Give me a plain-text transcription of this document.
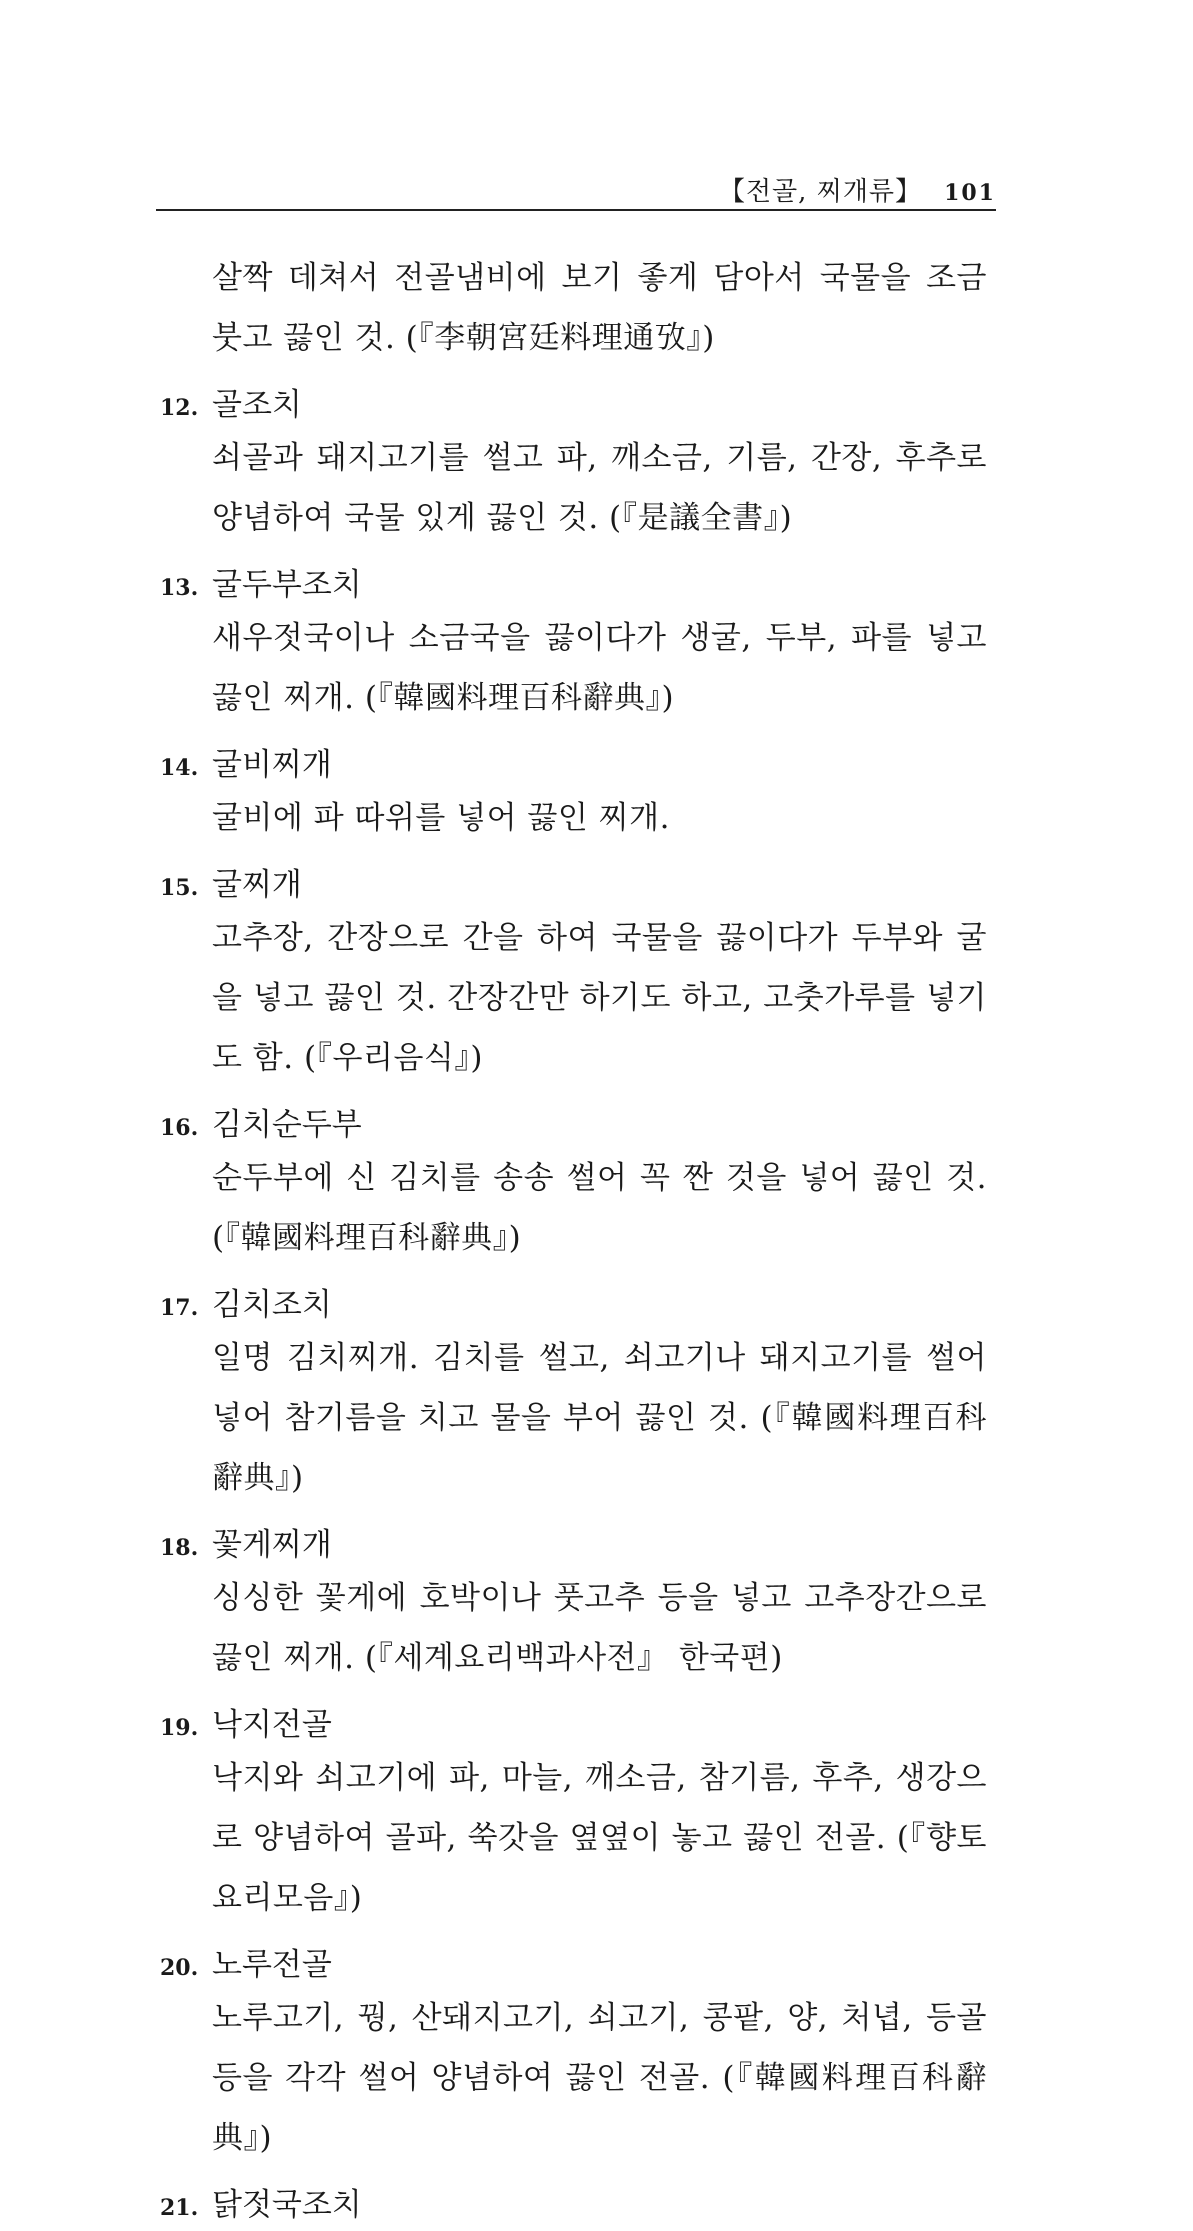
【전골, 찌개류】 101
살짝 데쳐서 전골냄비에 보기 좋게 담아서 국물을 조금 붓고 끓인 것. (『李朝宮廷料理通攷』)
12. 골조치
쇠골과 돼지고기를 썰고 파, 깨소금, 기름, 간장, 후추로 양념하여 국물 있게 끓인 것. (『是議全書』)
13. 굴두부조치
새우젓국이나 소금국을 끓이다가 생굴, 두부, 파를 넣고 끓인 찌개. (『韓國料理百科辭典』)
14. 굴비찌개
굴비에 파 따위를 넣어 끓인 찌개.
15. 굴찌개
고추장, 간장으로 간을 하여 국물을 끓이다가 두부와 굴을 넣고 끓인 것. 간장간만 하기도 하고, 고춧가루를 넣기도 함. (『우리음식』)
16. 김치순두부
순두부에 신 김치를 송송 썰어 꼭 짠 것을 넣어 끓인 것. (『韓國料理百科辭典』)
17. 김치조치
일명 김치찌개. 김치를 썰고, 쇠고기나 돼지고기를 썰어 넣어 참기름을 치고 물을 부어 끓인 것. (『韓國料理百科辭典』)
18. 꽃게찌개
싱싱한 꽃게에 호박이나 풋고추 등을 넣고 고추장간으로 끓인 찌개. (『세계요리백과사전』 한국편)
19. 낙지전골
낙지와 쇠고기에 파, 마늘, 깨소금, 참기름, 후추, 생강으로 양념하여 골파, 쑥갓을 옆옆이 놓고 끓인 전골. (『향토요리모음』)
20. 노루전골
노루고기, 꿩, 산돼지고기, 쇠고기, 콩팥, 양, 처녑, 등골 등을 각각 썰어 양념하여 끓인 전골. (『韓國料理百科辭典』)
21. 닭젓국조치
